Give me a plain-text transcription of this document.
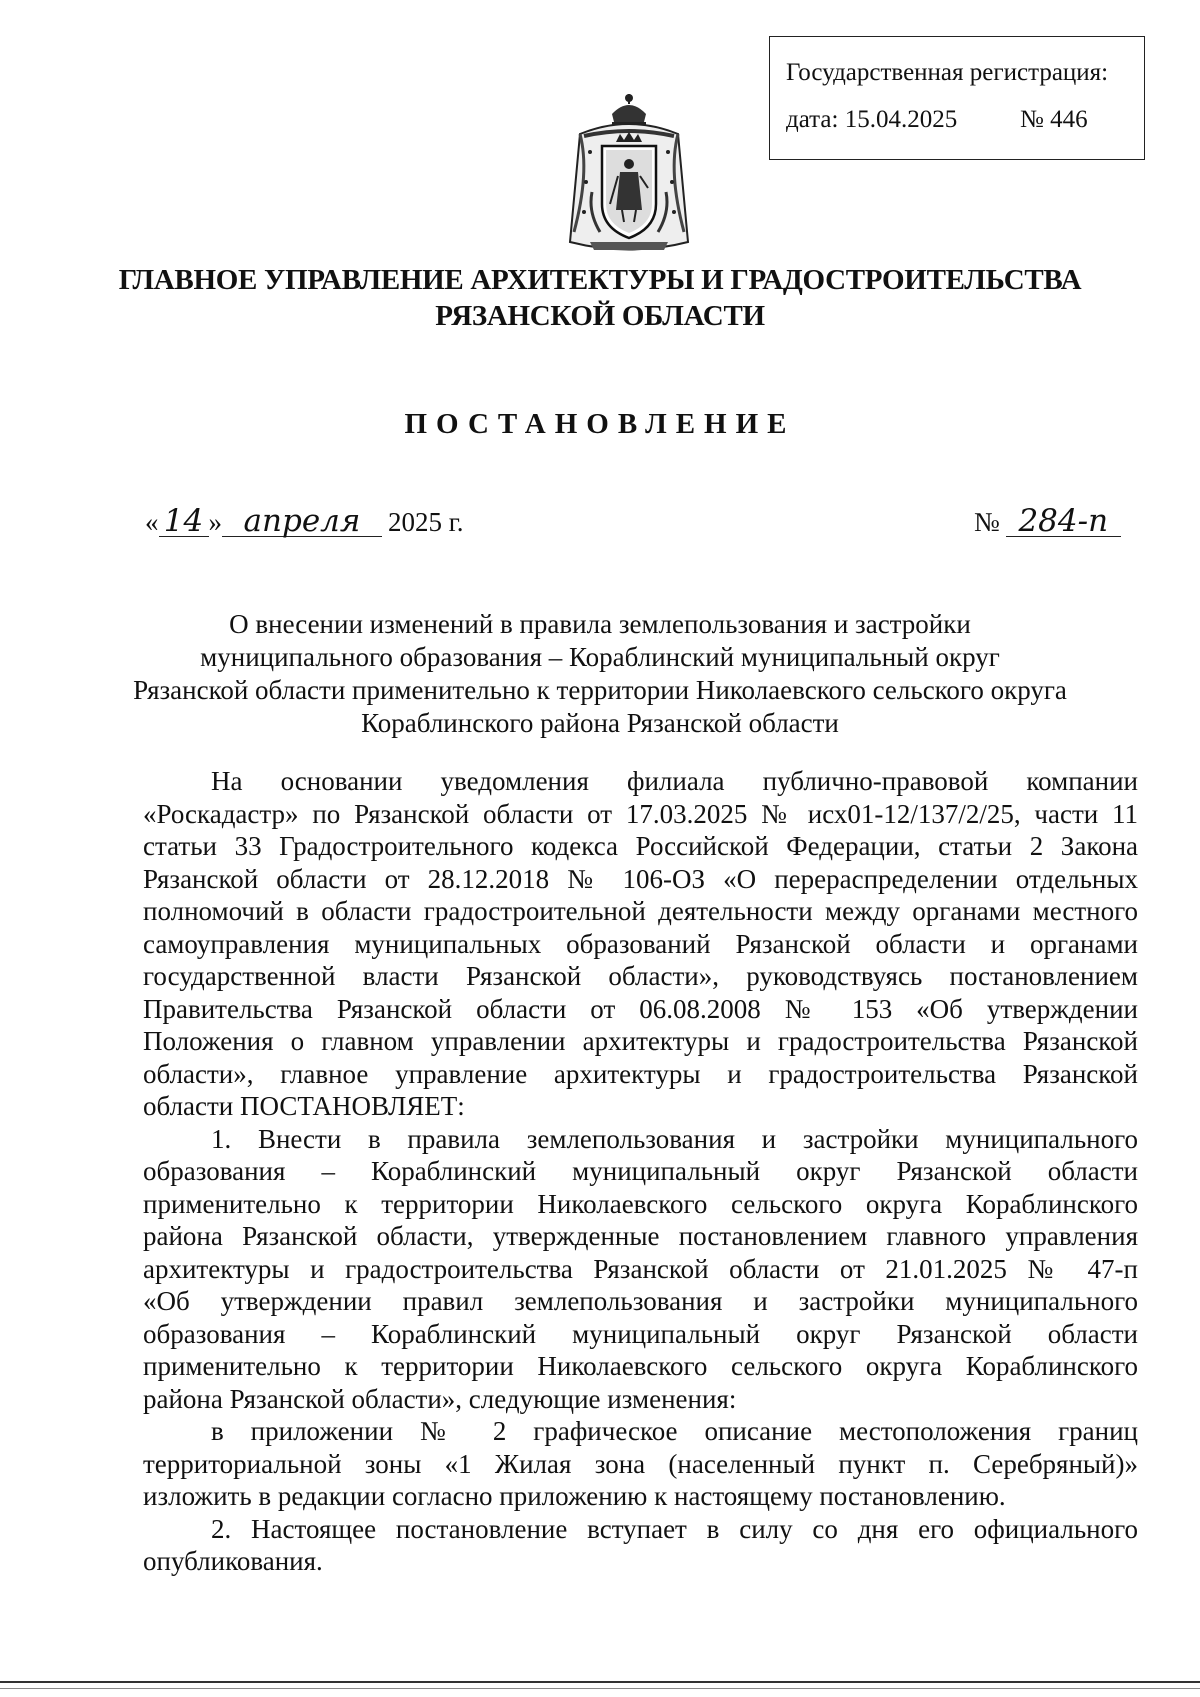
Государственная регистрация:
дата: 15.04.2025	№ 446
ГЛАВНОЕ УПРАВЛЕНИЕ АРХИТЕКТУРЫ И ГРАДОСТРОИТЕЛЬСТВА
РЯЗАНСКОЙ ОБЛАСТИ
ПОСТАНОВЛЕНИЕ
« 14 » апреля 2025 г.	№ 284-п
О внесении изменений в правила землепользования и застройки
муниципального образования – Кораблинский муниципальный округ
Рязанской области применительно к территории Николаевского сельского округа
Кораблинского района Рязанской области
На основании уведомления филиала публично-правовой компании
«Роскадастр» по Рязанской области от 17.03.2025 № исх01-12/137/2/25, части 11
статьи 33 Градостроительного кодекса Российской Федерации, статьи 2 Закона
Рязанской области от 28.12.2018 № 106-ОЗ «О перераспределении отдельных
полномочий в области градостроительной деятельности между органами местного
самоуправления муниципальных образований Рязанской области и органами
государственной власти Рязанской области», руководствуясь постановлением
Правительства Рязанской области от 06.08.2008 № 153 «Об утверждении
Положения о главном управлении архитектуры и градостроительства Рязанской
области», главное управление архитектуры и градостроительства Рязанской
области ПОСТАНОВЛЯЕТ:
1. Внести в правила землепользования и застройки муниципального
образования – Кораблинский муниципальный округ Рязанской области
применительно к территории Николаевского сельского округа Кораблинского
района Рязанской области, утвержденные постановлением главного управления
архитектуры и градостроительства Рязанской области от 21.01.2025 № 47-п
«Об утверждении правил землепользования и застройки муниципального
образования – Кораблинский муниципальный округ Рязанской области
применительно к территории Николаевского сельского округа Кораблинского
района Рязанской области», следующие изменения:
в приложении № 2 графическое описание местоположения границ
территориальной зоны «1 Жилая зона (населенный пункт п. Серебряный)»
изложить в редакции согласно приложению к настоящему постановлению.
2. Настоящее постановление вступает в силу со дня его официального
опубликования.
